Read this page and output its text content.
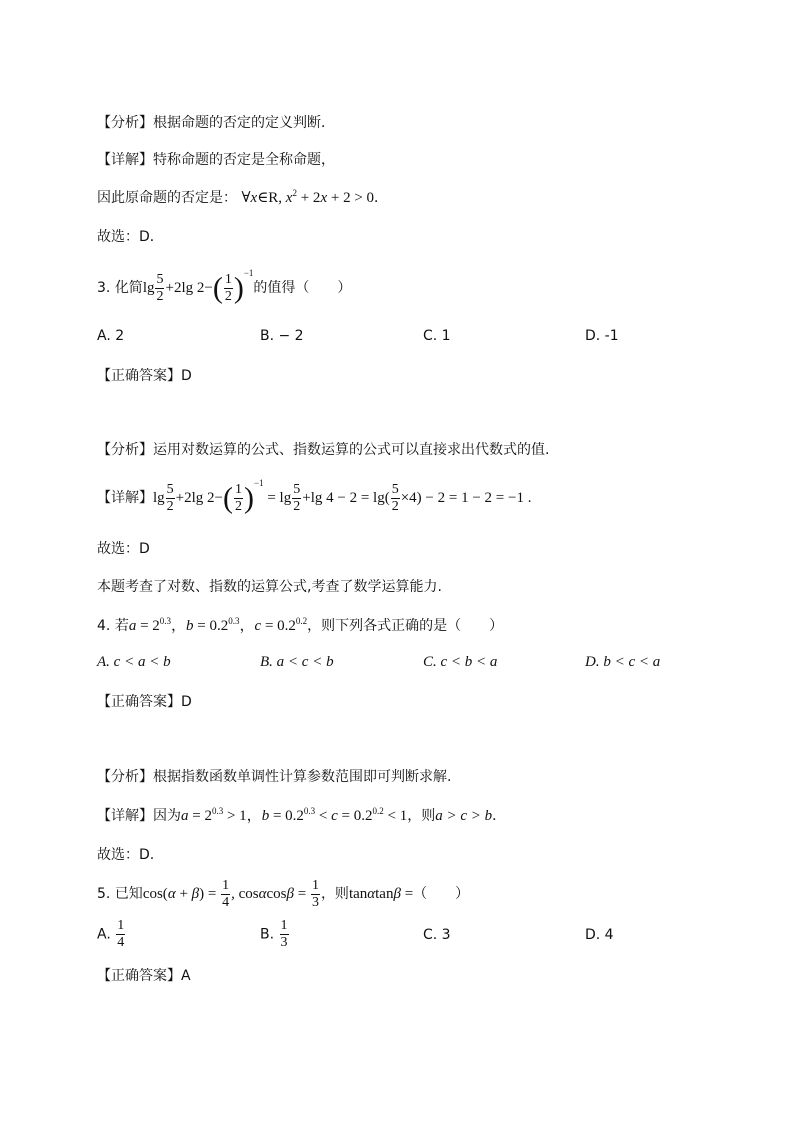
【分析】根据命题的否定的定义判断．
【详解】特称命题的否定是全称命题，
因此原命题的否定是： ∀x∈R, $x^2 + 2x + 2 > 0$．
故选：D．
3. 化简$\lg \frac{5}{2} +2\lg$ $2-( \frac{1}{2} )^{-1}$的值得（　　）
A. 2	B. − 2	C. 1	D. -1
【正确答案】D
【分析】运用对数运算的公式、指数运算的公式可以直接求出代数式的值.
【详解】$\lg \frac{5}{2} +2\lg$ $2-( \frac{1}{2} )^{-1} = \lg \frac{5}{2} +\lg$ $4 - 2 = \lg( \frac{5}{2} \times 4) - 2 = 1 - 2 = -1$ .
故选：D
本题考查了对数、指数的运算公式,考查了数学运算能力.
4. 若$a = 2^{0.3}$，$b = 0.2^{0.3}$，$c = 0.2^{0.2}$，则下列各式正确的是（　　）
A. c < a < b	B. a < c < b	C. c < b < a	D. b < c < a
【正确答案】D
【分析】根据指数函数单调性计算参数范围即可判断求解.
【详解】因为$a = 2^{0.3} > 1$，$b = 0.2^{0.3} < c = 0.2^{0.2} < 1$，则a > c > b．
故选：D.
5. 已知$\cos(\alpha + \beta) = \frac{1}{4}$ , $\cos\alpha\cos\beta = \frac{1}{3}$ ，则tanαtanβ =（　　）
A. $\frac{1}{4}$	B. $\frac{1}{3}$	C. 3	D. 4
【正确答案】A
